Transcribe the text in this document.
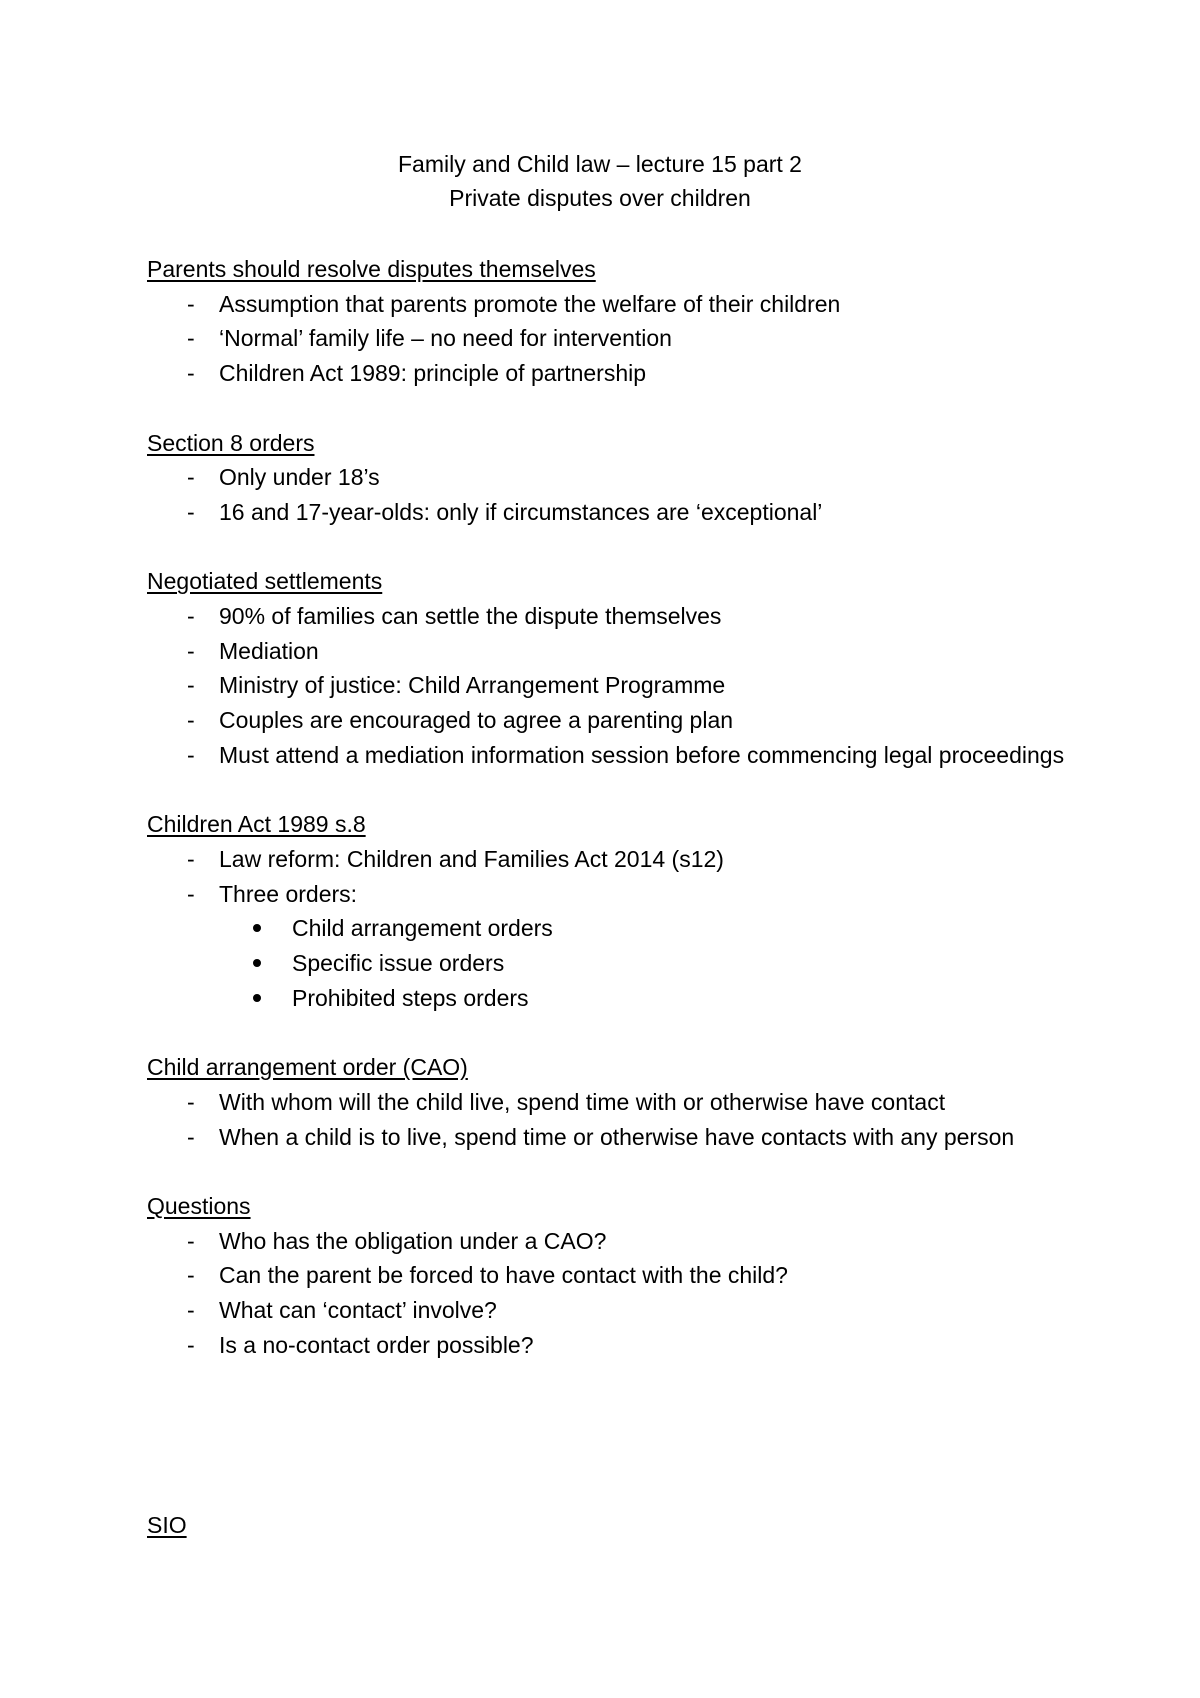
Family and Child law – lecture 15 part 2
Private disputes over children
Parents should resolve disputes themselves
- Assumption that parents promote the welfare of their children
- ‘Normal’ family life – no need for intervention
- Children Act 1989: principle of partnership
Section 8 orders
- Only under 18’s
- 16 and 17-year-olds: only if circumstances are ‘exceptional’
Negotiated settlements
- 90% of families can settle the dispute themselves
- Mediation
- Ministry of justice: Child Arrangement Programme
- Couples are encouraged to agree a parenting plan
- Must attend a mediation information session before commencing legal proceedings
Children Act 1989 s.8
- Law reform: Children and Families Act 2014 (s12)
- Three orders:
Child arrangement orders
Specific issue orders
Prohibited steps orders
Child arrangement order (CAO)
- With whom will the child live, spend time with or otherwise have contact
- When a child is to live, spend time or otherwise have contacts with any person
Questions
- Who has the obligation under a CAO?
- Can the parent be forced to have contact with the child?
- What can ‘contact’ involve?
- Is a no-contact order possible?
SIO
